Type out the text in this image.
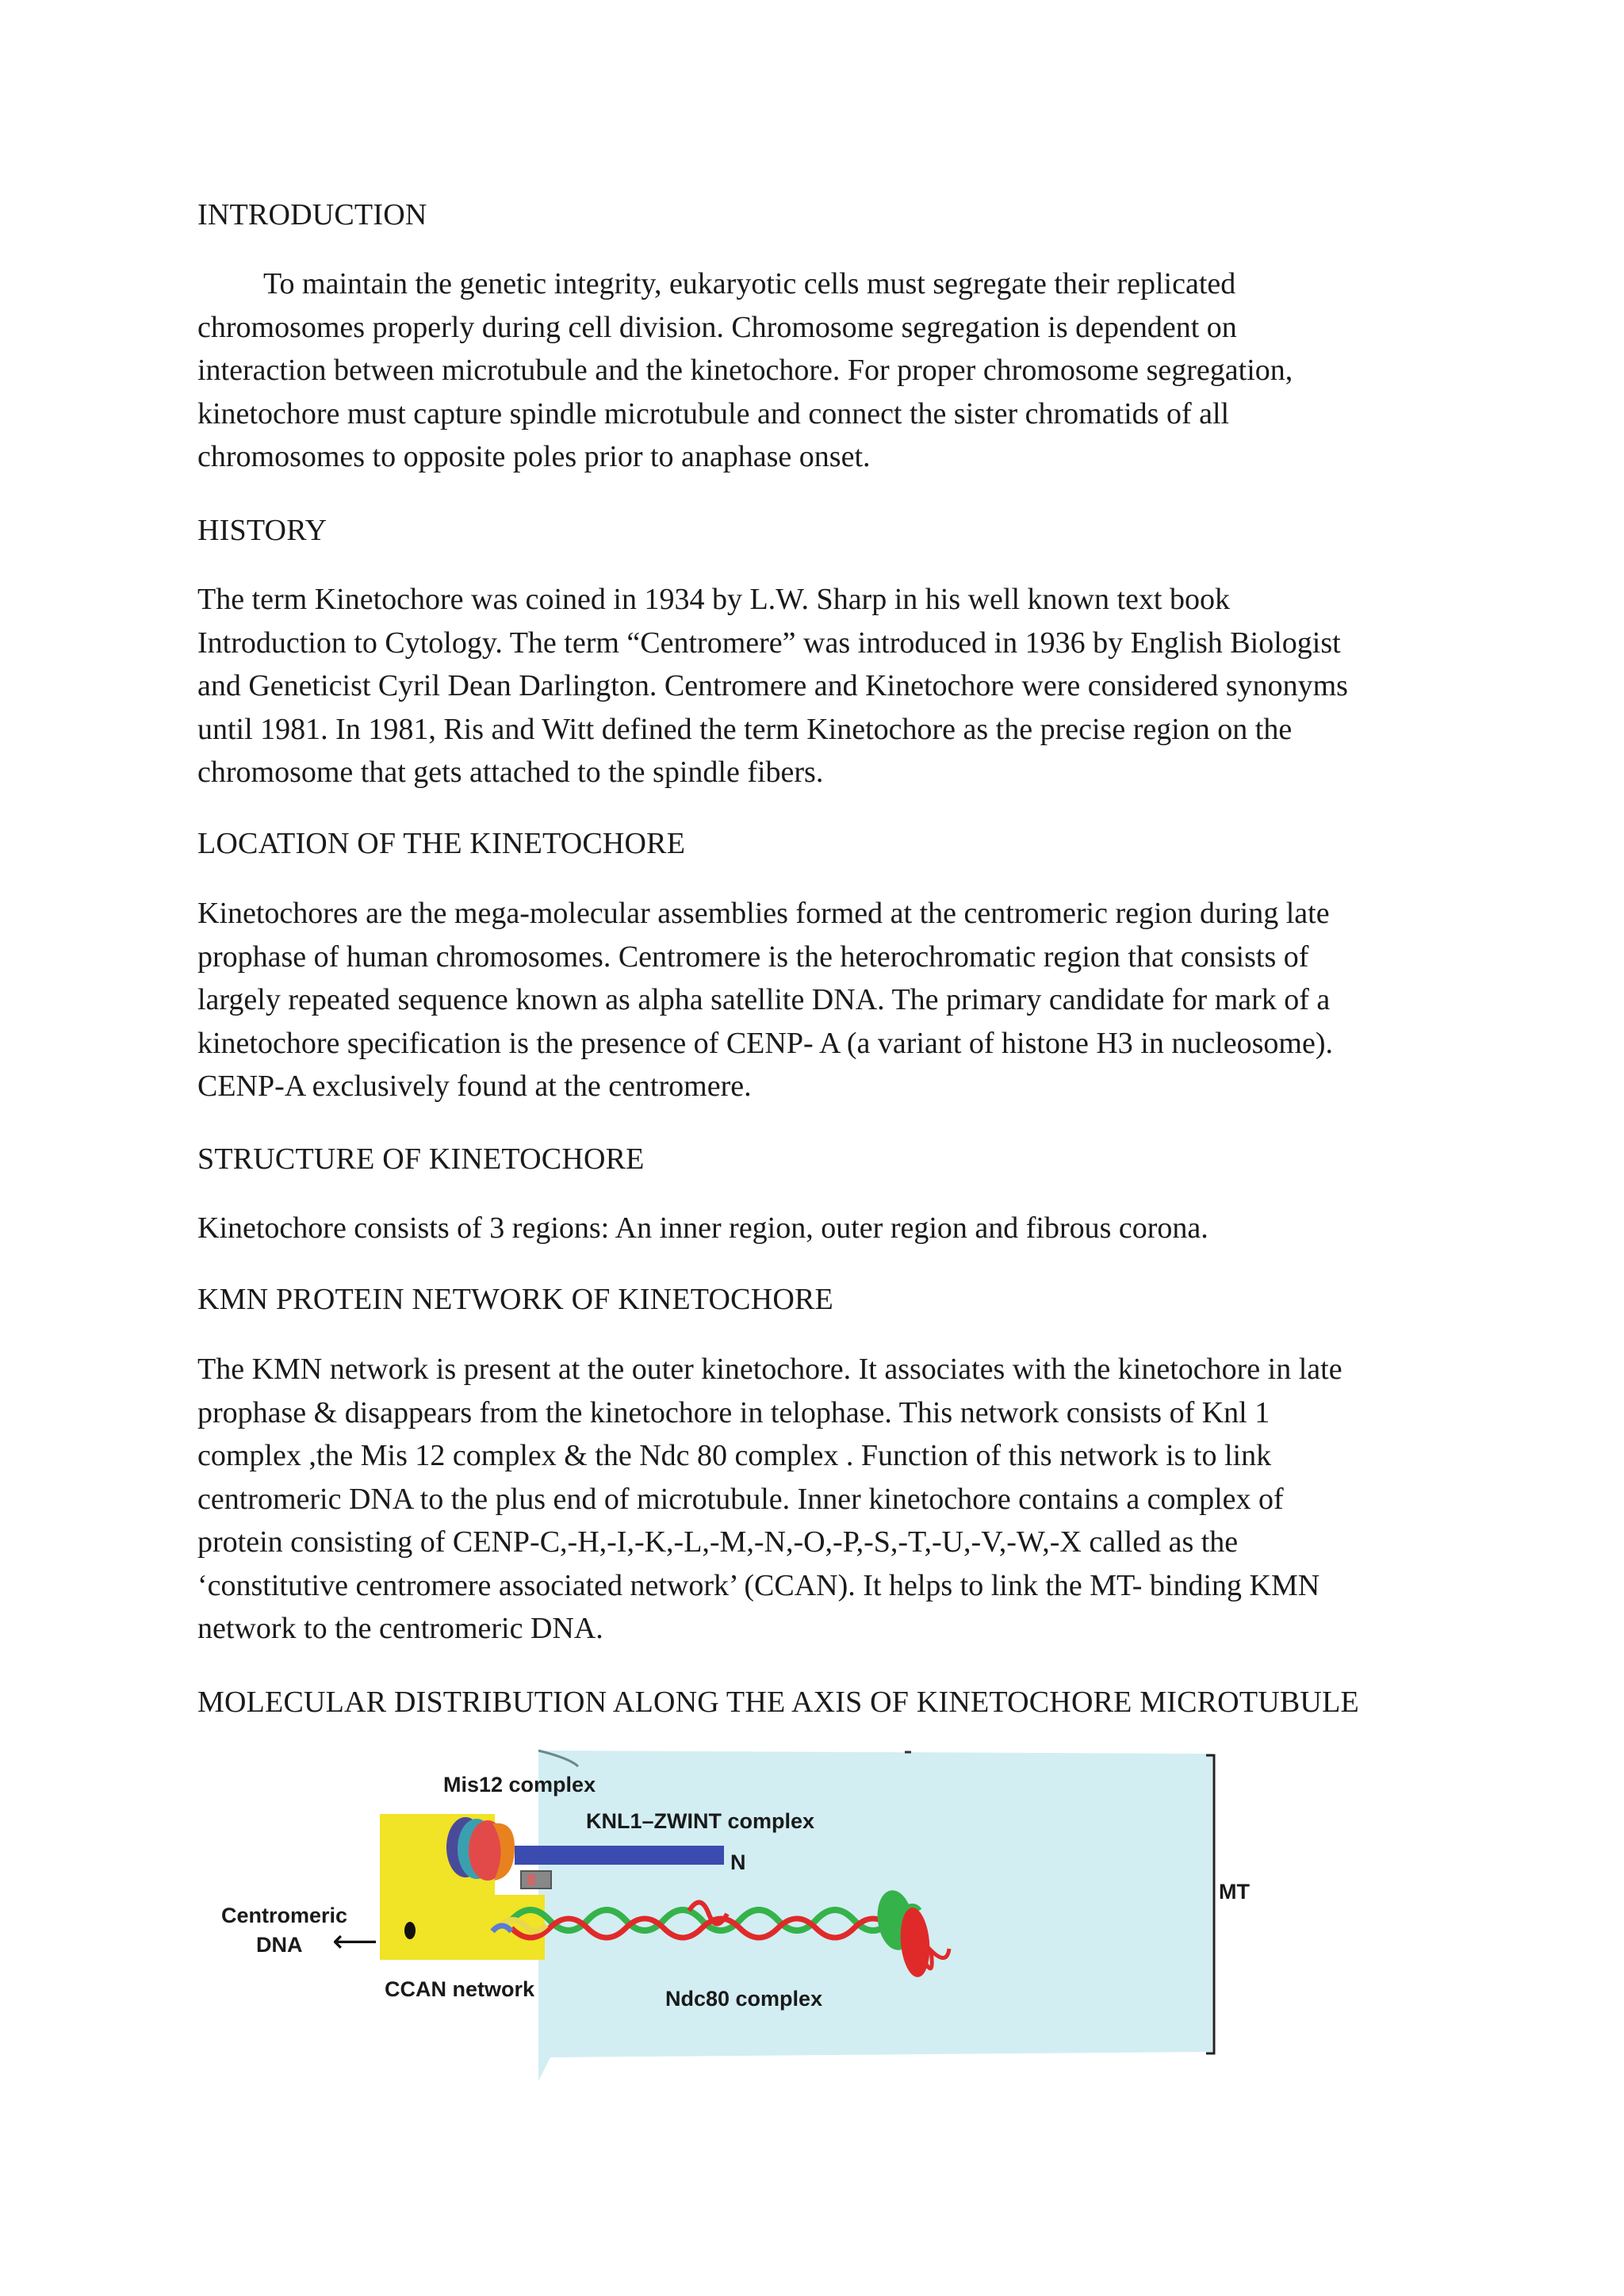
INTRODUCTION
To maintain the genetic integrity, eukaryotic cells must segregate their replicated
chromosomes properly during cell division. Chromosome segregation is dependent on
interaction between microtubule and the kinetochore. For proper chromosome segregation,
kinetochore must capture spindle microtubule and connect the sister chromatids of all
chromosomes to opposite poles prior to anaphase onset.
HISTORY
The term Kinetochore was coined in 1934 by L.W. Sharp in his well known text book
Introduction to Cytology. The term “Centromere” was introduced in 1936 by English Biologist
and Geneticist Cyril Dean Darlington. Centromere and Kinetochore were considered synonyms
until 1981. In 1981, Ris and Witt defined the term Kinetochore as the precise region on the
chromosome that gets attached to the spindle fibers.
LOCATION OF THE KINETOCHORE
Kinetochores are the mega-molecular assemblies formed at the centromeric region during late
prophase of human chromosomes. Centromere is the heterochromatic region that consists of
largely repeated sequence known as alpha satellite DNA. The primary candidate for mark of a
kinetochore specification is the presence of CENP- A (a variant of histone H3 in nucleosome).
CENP-A exclusively found at the centromere.
STRUCTURE OF KINETOCHORE
Kinetochore consists of 3 regions: An inner region, outer region and fibrous corona.
KMN PROTEIN NETWORK OF KINETOCHORE
The KMN network is present at the outer kinetochore. It associates with the kinetochore in late
prophase & disappears from the kinetochore in telophase. This network consists of Knl 1
complex ,the Mis 12 complex & the Ndc 80 complex . Function of this network is to link
centromeric DNA to the plus end of microtubule. Inner kinetochore contains a complex of
protein consisting of CENP-C,-H,-I,-K,-L,-M,-N,-O,-P,-S,-T,-U,-V,-W,-X called as the
‘constitutive centromere associated network’ (CCAN). It helps to link the MT- binding KMN
network to the centromeric DNA.
MOLECULAR DISTRIBUTION ALONG THE AXIS OF KINETOCHORE MICROTUBULE
MT
Mis12 complex
KNL1–ZWINT complex
N
Ndc80 complex
Centromeric
DNA ⟵
CCAN network
